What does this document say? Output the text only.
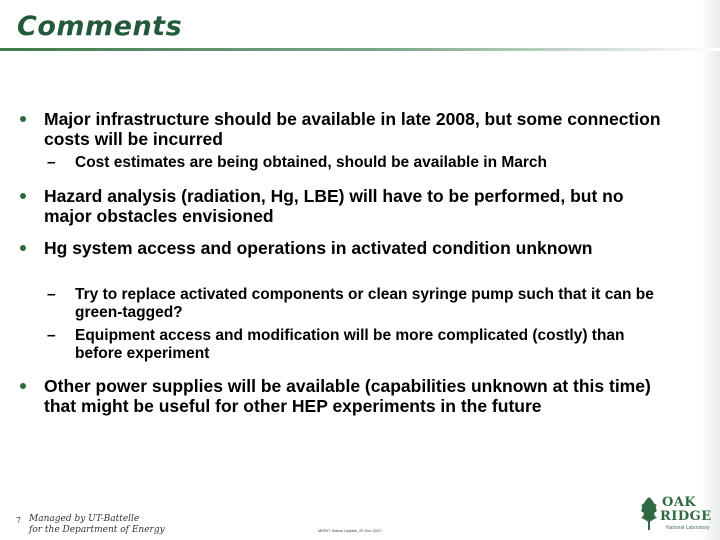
Comments
Major infrastructure should be available in late 2008, but some connection costs will be incurred
– Cost estimates are being obtained, should be available in March
Hazard analysis (radiation, Hg, LBE) will have to be performed, but no major obstacles envisioned
Hg system access and operations in activated condition unknown
– Try to replace activated components or clean syringe pump such that it can be green-tagged?
– Equipment access and modification will be more complicated (costly) than before experiment
Other power supplies will be available (capabilities unknown at this time) that might be useful for other HEP experiments in the future
7 Managed by UT-Battelle
for the Department of Energy	MERIT Status Update, 20 Dec 2007
OAK
RIDGE
National Laboratory
